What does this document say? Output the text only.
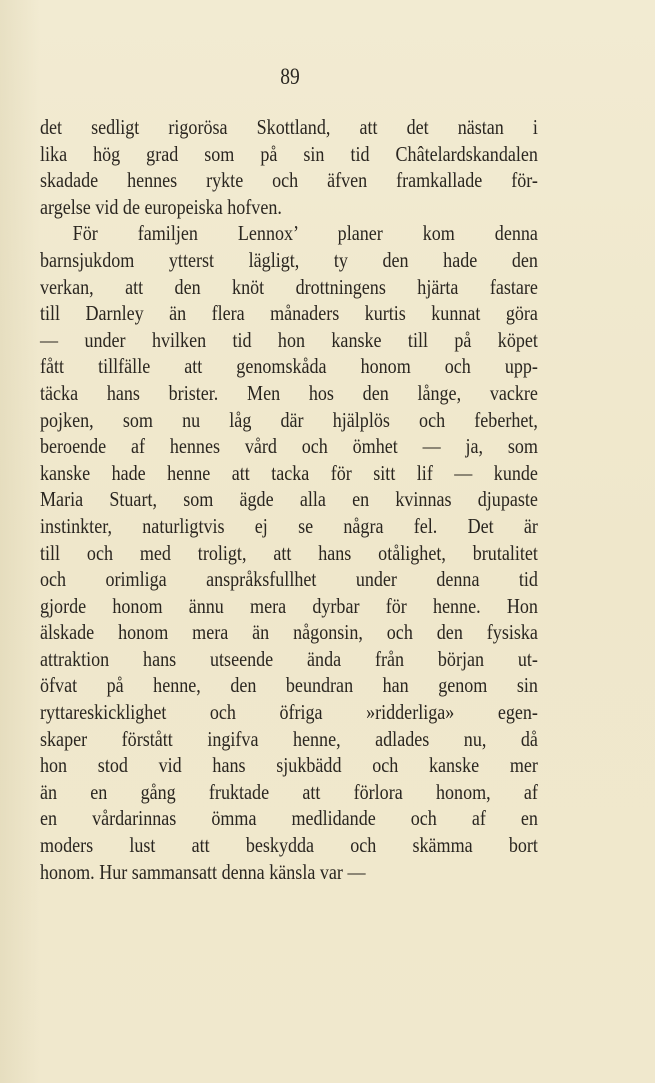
89
det sedligt rigorösa Skottland, att det nästan i
lika hög grad som på sin tid Châtelardskandalen
skadade hennes rykte och äfven framkallade för-
argelse vid de europeiska hofven.
För familjen Lennox’ planer kom denna
barnsjukdom ytterst lägligt, ty den hade den
verkan, att den knöt drottningens hjärta fastare
till Darnley än flera månaders kurtis kunnat göra
— under hvilken tid hon kanske till på köpet
fått tillfälle att genomskåda honom och upp-
täcka hans brister. Men hos den långe, vackre
pojken, som nu låg där hjälplös och feberhet,
beroende af hennes vård och ömhet — ja, som
kanske hade henne att tacka för sitt lif — kunde
Maria Stuart, som ägde alla en kvinnas djupaste
instinkter, naturligtvis ej se några fel. Det är
till och med troligt, att hans otålighet, brutalitet
och orimliga anspråksfullhet under denna tid
gjorde honom ännu mera dyrbar för henne. Hon
älskade honom mera än någonsin, och den fysiska
attraktion hans utseende ända från början ut-
öfvat på henne, den beundran han genom sin
ryttareskicklighet och öfriga »ridderliga» egen-
skaper förstått ingifva henne, adlades nu, då
hon stod vid hans sjukbädd och kanske mer
än en gång fruktade att förlora honom, af
en vårdarinnas ömma medlidande och af en
moders lust att beskydda och skämma bort
honom. Hur sammansatt denna känsla var —
